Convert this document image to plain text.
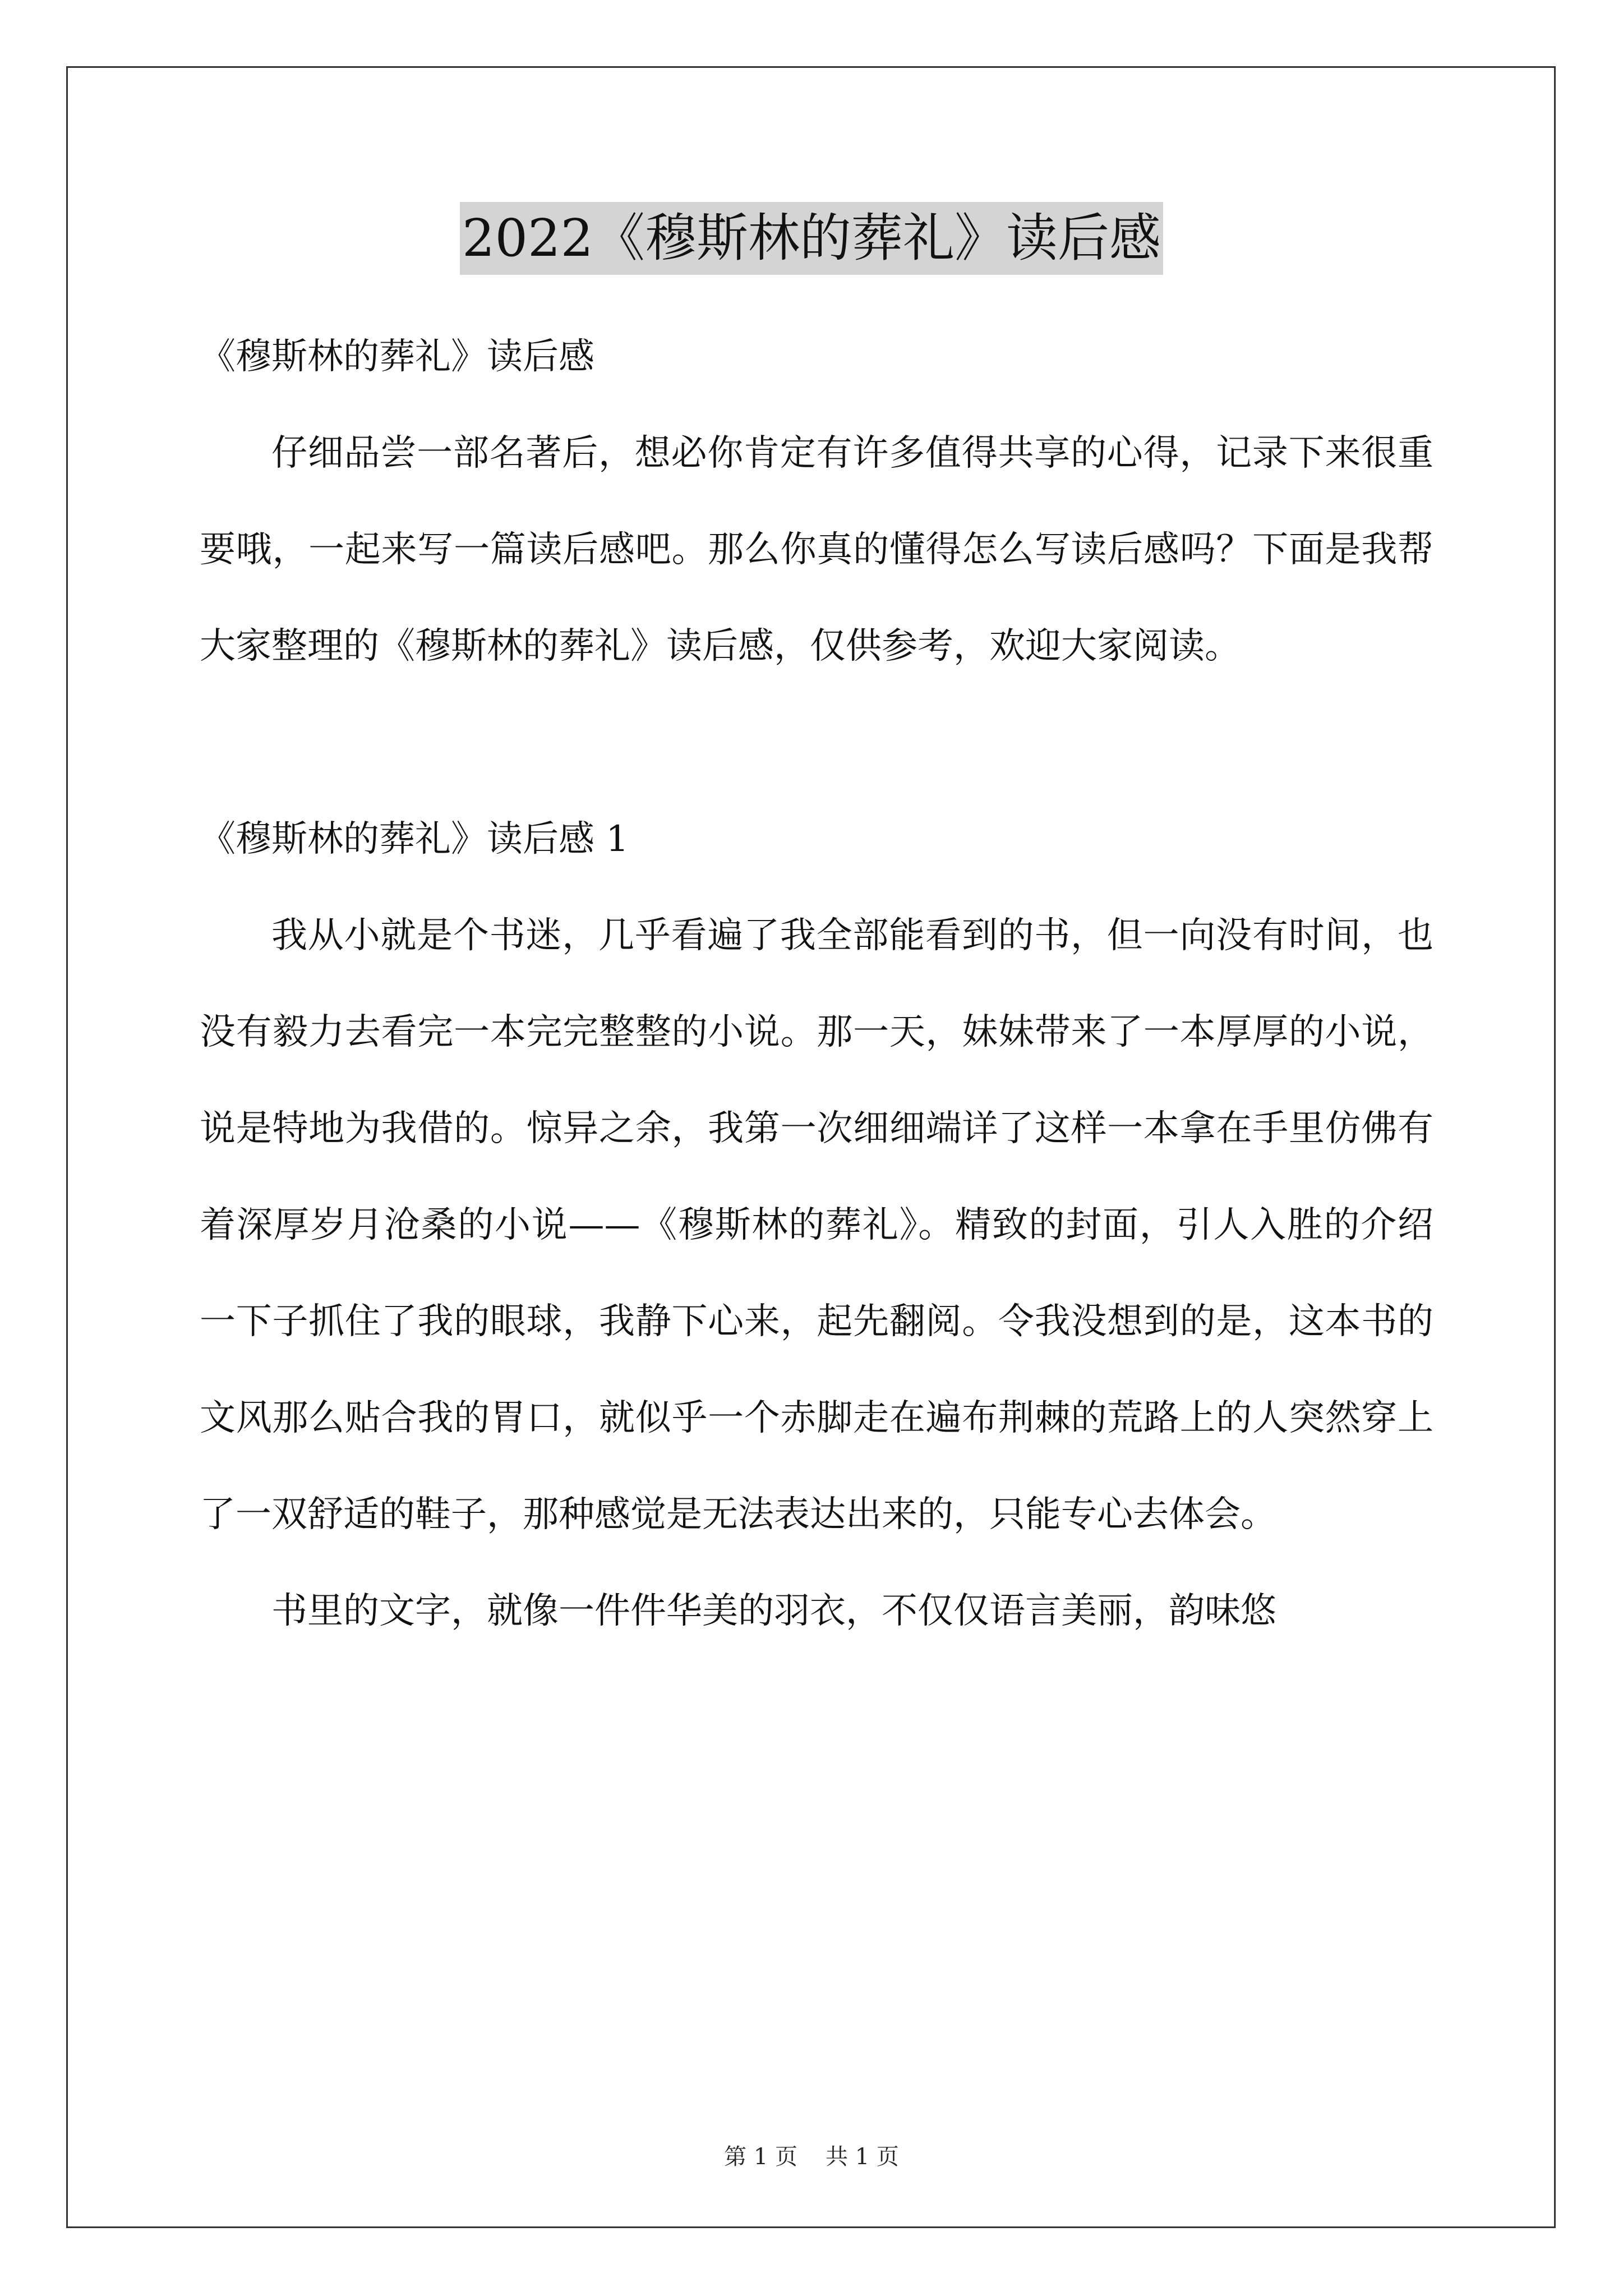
2022《穆斯林的葬礼》读后感

《穆斯林的葬礼》读后感

仔细品尝一部名著后，想必你肯定有许多值得共享的心得，记录下来很重要哦，一起来写一篇读后感吧。那么你真的懂得怎么写读后感吗？下面是我帮大家整理的《穆斯林的葬礼》读后感，仅供参考，欢迎大家阅读。

《穆斯林的葬礼》读后感 1

我从小就是个书迷，几乎看遍了我全部能看到的书，但一向没有时间，也没有毅力去看完一本完完整整的小说。那一天，妹妹带来了一本厚厚的小说，说是特地为我借的。惊异之余，我第一次细细端详了这样一本拿在手里仿佛有着深厚岁月沧桑的小说——《穆斯林的葬礼》。精致的封面，引人入胜的介绍一下子抓住了我的眼球，我静下心来，起先翻阅。令我没想到的是，这本书的文风那么贴合我的胃口，就似乎一个赤脚走在遍布荆棘的荒路上的人突然穿上了一双舒适的鞋子，那种感觉是无法表达出来的，只能专心去体会。

书里的文字，就像一件件华美的羽衣，不仅仅语言美丽，韵味悠

第 1 页 共 1 页
